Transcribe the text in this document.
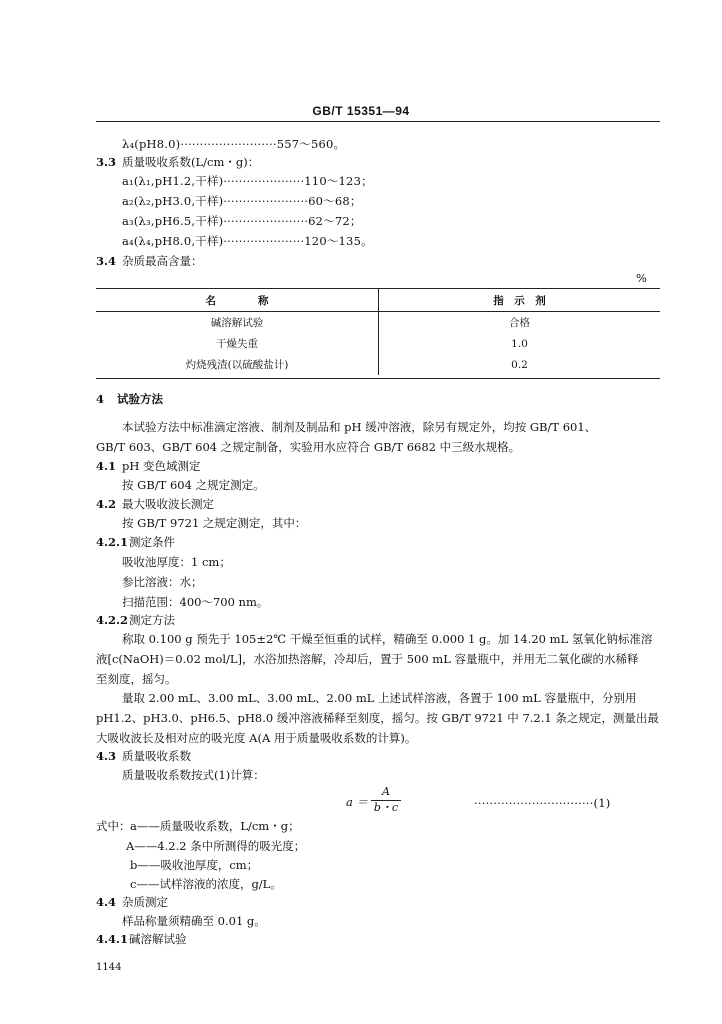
GB/T 15351—94
λ₄(pH8.0)·························557～560。
3.3 质量吸收系数(L/cm・g)：
a₁(λ₁,pH1.2,干样)·····················110～123；
a₂(λ₂,pH3.0,干样)······················60～68；
a₃(λ₃,pH6.5,干样)······················62～72；
a₄(λ₄,pH8.0,干样)·····················120～135。
3.4 杂质最高含量：
%
名　　　　称	指　示　剂
碱溶解试验	合格
干燥失重	1.0
灼烧残渣(以硫酸盐计)	0.2
4 试验方法
本试验方法中标准滴定溶液、制剂及制品和 pH 缓冲溶液，除另有规定外，均按 GB/T 601、
GB/T 603、GB/T 604 之规定制备，实验用水应符合 GB/T 6682 中三级水规格。
4.1 pH 变色域测定
按 GB/T 604 之规定测定。
4.2 最大吸收波长测定
按 GB/T 9721 之规定测定，其中：
4.2.1 测定条件
吸收池厚度：1 cm；
参比溶液：水；
扫描范围：400～700 nm。
4.2.2 测定方法
称取 0.100 g 预先于 105±2℃ 干燥至恒重的试样，精确至 0.000 1 g。加 14.20 mL 氢氧化钠标准溶
液[c(NaOH)＝0.02 mol/L]，水浴加热溶解，冷却后，置于 500 mL 容量瓶中，并用无二氧化碳的水稀释
至刻度，摇匀。
量取 2.00 mL、3.00 mL、3.00 mL、2.00 mL 上述试样溶液，各置于 100 mL 容量瓶中，分别用
pH1.2、pH3.0、pH6.5、pH8.0 缓冲溶液稀释至刻度，摇匀。按 GB/T 9721 中 7.2.1 条之规定，测量出最
大吸收波长及相对应的吸光度 A(A 用于质量吸收系数的计算)。
4.3 质量吸收系数
质量吸收系数按式(1)计算：
a ＝
A
b・c	·······························(1)
式中： a——质量吸收系数，L/cm・g；
A——4.2.2 条中所测得的吸光度；
b——吸收池厚度，cm；
c——试样溶液的浓度，g/L。
4.4 杂质测定
样品称量须精确至 0.01 g。
4.4.1 碱溶解试验
1144
